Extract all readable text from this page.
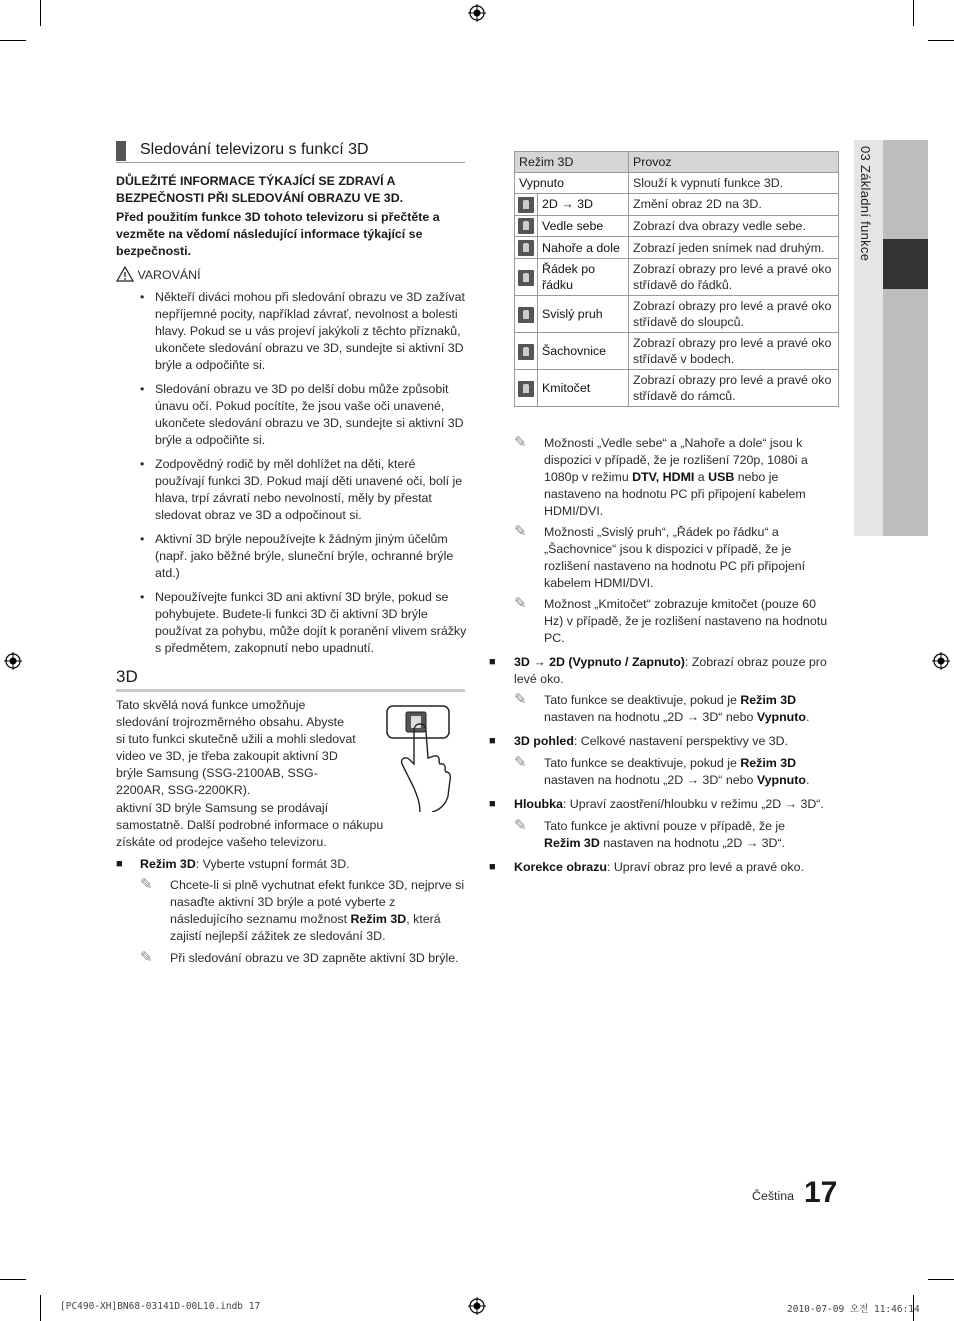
Sledování televizoru s funkcí 3D
DŮLEŽITÉ INFORMACE TÝKAJÍCÍ SE ZDRAVÍ A BEZPEČNOSTI PŘI SLEDOVÁNÍ OBRAZU VE 3D.
Před použitím funkce 3D tohoto televizoru si přečtěte a vezměte na vědomí následující informace týkající se bezpečnosti.
VAROVÁNÍ
• Někteří diváci mohou při sledování obrazu ve 3D zažívat nepříjemné pocity, například závrať, nevolnost a bolesti hlavy. Pokud se u vás projeví jakýkoli z těchto příznaků, ukončete sledování obrazu ve 3D, sundejte si aktivní 3D brýle a odpočiňte si.
• Sledování obrazu ve 3D po delší dobu může způsobit únavu očí. Pokud pocítíte, že jsou vaše oči unavené, ukončete sledování obrazu ve 3D, sundejte si aktivní 3D brýle a odpočiňte si.
• Zodpovědný rodič by měl dohlížet na děti, které používají funkci 3D. Pokud mají děti unavené oči, bolí je hlava, trpí závratí nebo nevolností, měly by přestat sledovat obraz ve 3D a odpočinout si.
• Aktivní 3D brýle nepoužívejte k žádným jiným účelům (např. jako běžné brýle, sluneční brýle, ochranné brýle atd.)
• Nepoužívejte funkci 3D ani aktivní 3D brýle, pokud se pohybujete. Budete-li funkci 3D či aktivní 3D brýle používat za pohybu, může dojít k poranění vlivem srážky s předmětem, zakopnutí nebo upadnutí.
3D
Tato skvělá nová funkce umožňuje sledování trojrozměrného obsahu. Abyste si tuto funkci skutečně užili a mohli sledovat video ve 3D, je třeba zakoupit aktivní 3D brýle Samsung (SSG-2100AB, SSG-2200AR, SSG-2200KR).
aktivní 3D brýle Samsung se prodávají samostatně. Další podrobné informace o nákupu získáte od prodejce vašeho televizoru.
■ Režim 3D: Vyberte vstupní formát 3D.
✎ Chcete-li si plně vychutnat efekt funkce 3D, nejprve si nasaďte aktivní 3D brýle a poté vyberte z následujícího seznamu možnost Režim 3D, která zajistí nejlepší zážitek ze sledování 3D.
✎ Při sledování obrazu ve 3D zapněte aktivní 3D brýle.
Režim 3D		Provoz
Vypnuto		Slouží k vypnutí funkce 3D.
	2D → 3D	Změní obraz 2D na 3D.
	Vedle sebe	Zobrazí dva obrazy vedle sebe.
	Nahoře a dole	Zobrazí jeden snímek nad druhým.
	Řádek po řádku	Zobrazí obrazy pro levé a pravé oko střídavě do řádků.
	Svislý pruh	Zobrazí obrazy pro levé a pravé oko střídavě do sloupců.
	Šachovnice	Zobrazí obrazy pro levé a pravé oko střídavě v bodech.
	Kmitočet	Zobrazí obrazy pro levé a pravé oko střídavě do rámců.
✎ Možnosti „Vedle sebe“ a „Nahoře a dole“ jsou k dispozici v případě, že je rozlišení 720p, 1080i a 1080p v režimu DTV, HDMI a USB nebo je nastaveno na hodnotu PC při připojení kabelem HDMI/DVI.
✎ Možnosti „Svislý pruh“, „Řádek po řádku“ a „Šachovnice“ jsou k dispozici v případě, že je rozlišení nastaveno na hodnotu PC při připojení kabelem HDMI/DVI.
✎ Možnost „Kmitočet“ zobrazuje kmitočet (pouze 60 Hz) v případě, že je rozlišení nastaveno na hodnotu PC.
■ 3D → 2D (Vypnuto / Zapnuto): Zobrazí obraz pouze pro levé oko.
✎ Tato funkce se deaktivuje, pokud je Režim 3D nastaven na hodnotu „2D → 3D“ nebo Vypnuto.
■ 3D pohled: Celkové nastavení perspektivy ve 3D.
✎ Tato funkce se deaktivuje, pokud je Režim 3D nastaven na hodnotu „2D → 3D“ nebo Vypnuto.
■ Hloubka: Upraví zaostření/hloubku v režimu „2D → 3D“.
✎ Tato funkce je aktivní pouze v případě, že je Režim 3D nastaven na hodnotu „2D → 3D“.
■ Korekce obrazu: Upraví obraz pro levé a pravé oko.
03 Základní funkce
Čeština 17
[PC490-XH]BN68-03141D-00L10.indb 17	2010-07-09 오전 11:46:14
